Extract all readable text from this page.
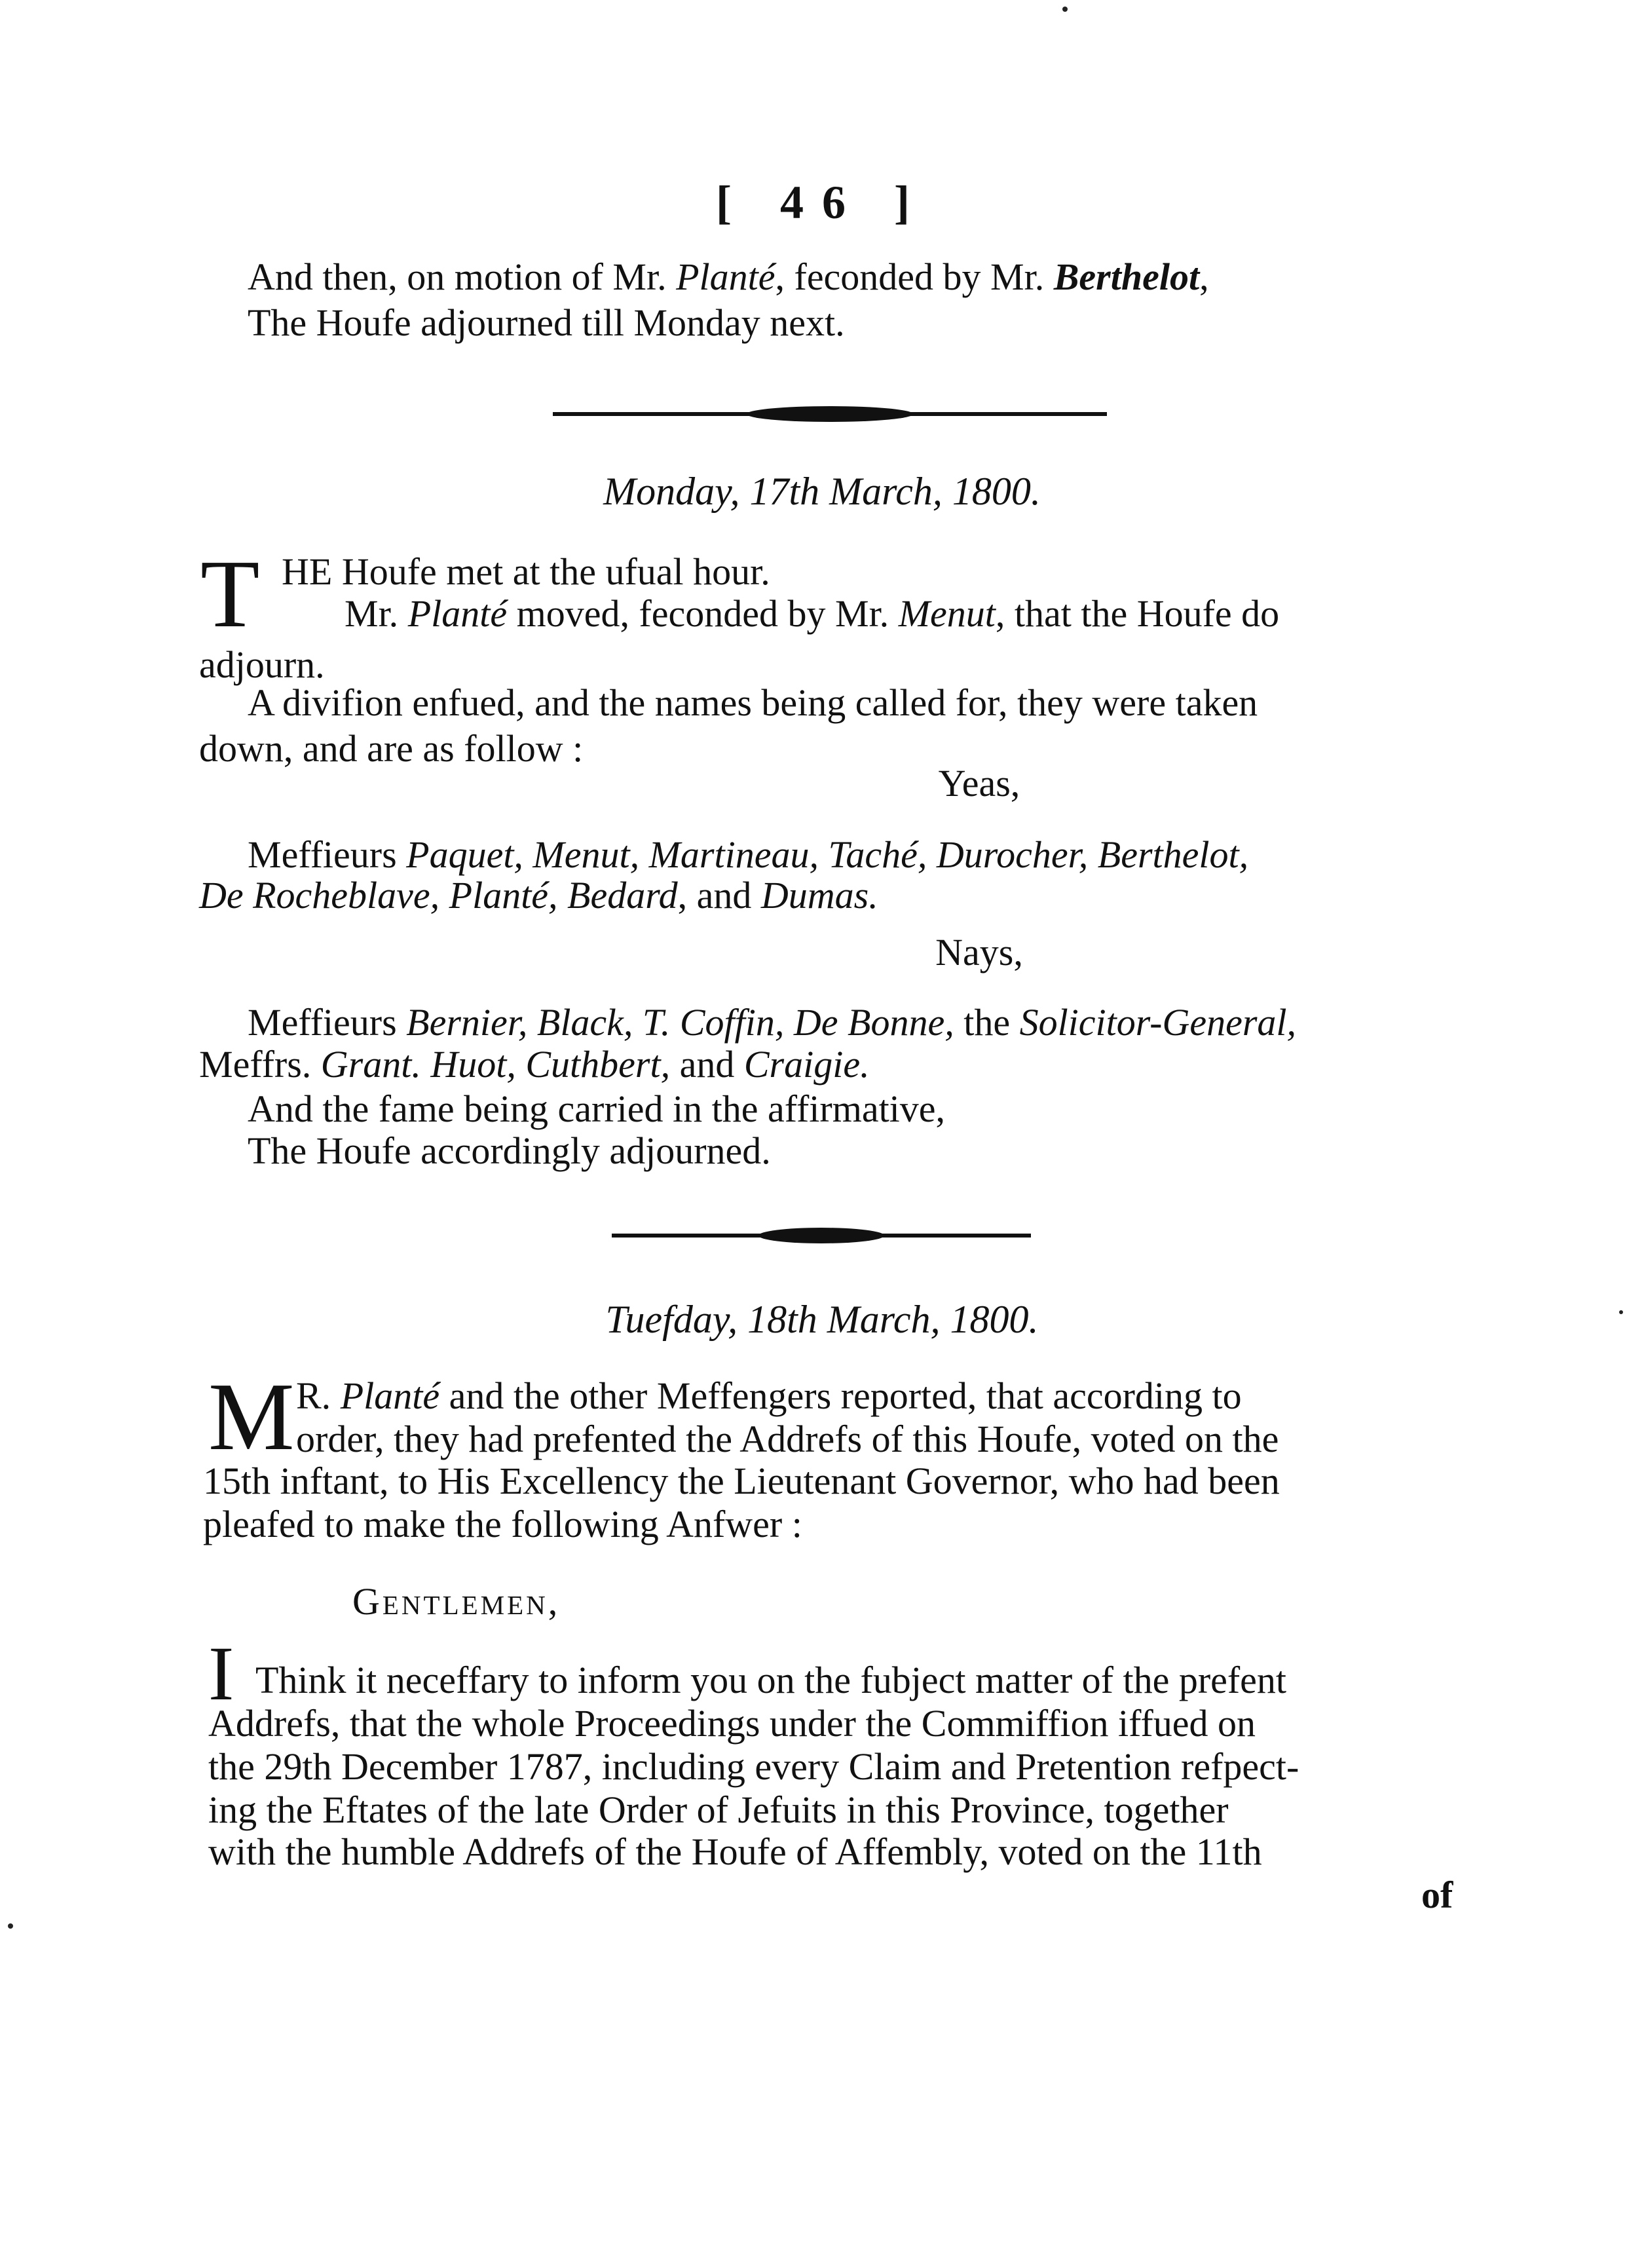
[ 46 ]
And then, on motion of Mr. Planté, feconded by Mr. Berthelot,
The Houfe adjourned till Monday next.
Monday, 17th March, 1800.
T HE Houfe met at the ufual hour.
Mr. Planté moved, feconded by Mr. Menut, that the Houfe do
adjourn.
A divifion enfued, and the names being called for, they were taken
down, and are as follow :
Yeas,
Meffieurs Paquet, Menut, Martineau, Taché, Durocher, Berthelot,
De Rocheblave, Planté, Bedard, and Dumas.
Nays,
Meffieurs Bernier, Black, T. Coffin, De Bonne, the Solicitor-General,
Meffrs. Grant. Huot, Cuthbert, and Craigie.
And the fame being carried in the affirmative,
The Houfe accordingly adjourned.
Tuefday, 18th March, 1800.
M R. Planté and the other Meffengers reported, that according to
order, they had prefented the Addrefs of this Houfe, voted on the
15th inftant, to His Excellency the Lieutenant Governor, who had been
pleafed to make the following Anfwer :
Gentlemen,
I Think it neceffary to inform you on the fubject matter of the prefent
Addrefs, that the whole Proceedings under the Commiffion iffued on
the 29th December 1787, including every Claim and Pretention refpect-
ing the Eftates of the late Order of Jefuits in this Province, together
with the humble Addrefs of the Houfe of Affembly, voted on the 11th
of
